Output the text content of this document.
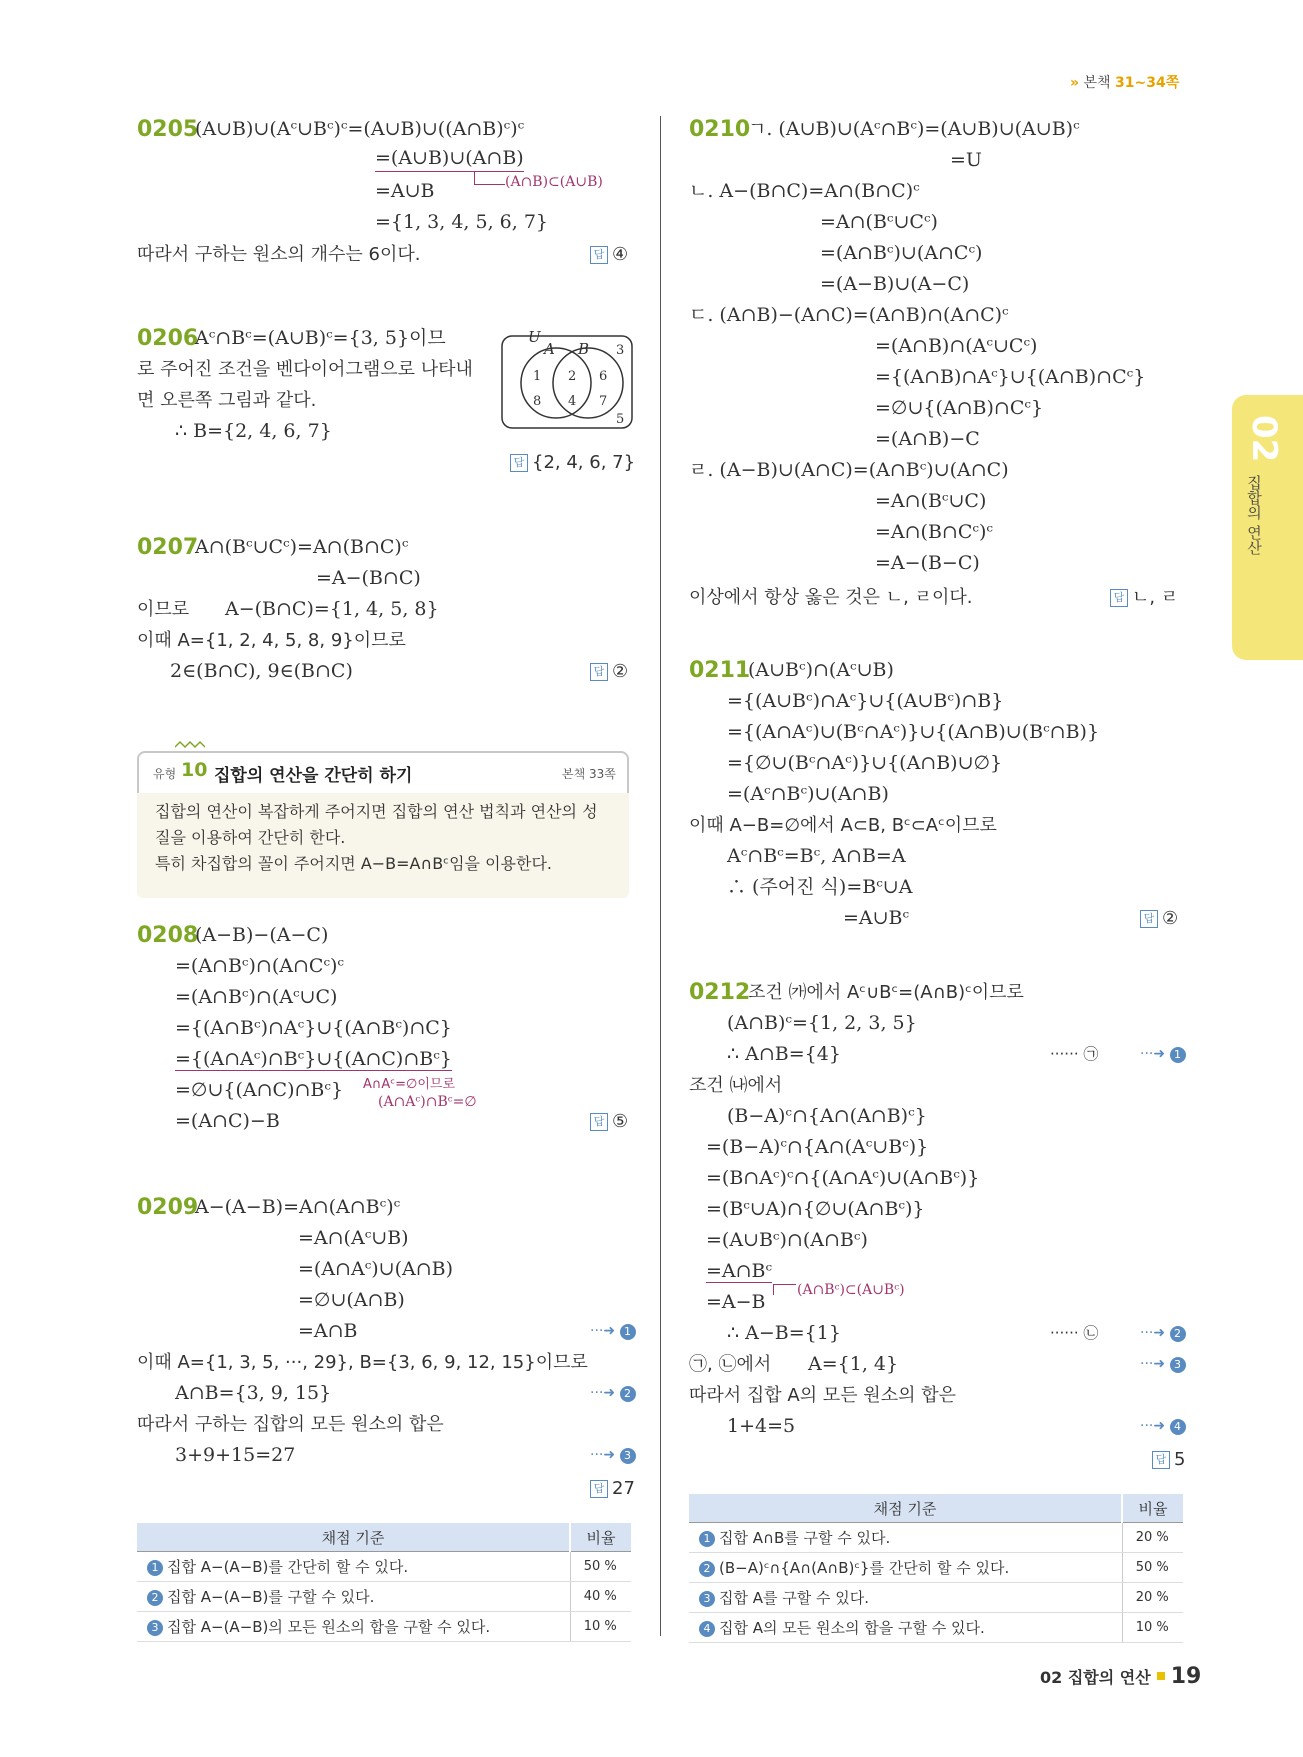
» 본책 31~34쪽
02
집합의 연산
0205
(A∪B)∪(Aᶜ∪Bᶜ)ᶜ=(A∪B)∪((A∩B)ᶜ)ᶜ
=(A∪B)∪(A∩B)
=A∪B	(A∩B)⊂(A∪B)
={1, 3, 4, 5, 6, 7}
따라서 구하는 원소의 개수는 6이다.	답 ④
0206
Aᶜ∩Bᶜ=(A∪B)ᶜ={3, 5}이므
로 주어진 조건을 벤다이어그램으로 나타내
면 오른쪽 그림과 같다.
∴ B={2, 4, 6, 7}
U
A B 3
1 2 6
8 4 7
5
답 {2, 4, 6, 7}
0207
A∩(Bᶜ∪Cᶜ)=A∩(B∩C)ᶜ
=A−(B∩C)
이므로 A−(B∩C)={1, 4, 5, 8}
이때 A={1, 2, 4, 5, 8, 9}이므로
2∈(B∩C), 9∈(B∩C)	답 ②
유형 10 집합의 연산을 간단히 하기	본책 33쪽
집합의 연산이 복잡하게 주어지면 집합의 연산 법칙과 연산의 성
질을 이용하여 간단히 한다.
특히 차집합의 꼴이 주어지면 A−B=A∩Bᶜ임을 이용한다.
0208
(A−B)−(A−C)
=(A∩Bᶜ)∩(A∩Cᶜ)ᶜ
=(A∩Bᶜ)∩(Aᶜ∪C)
={(A∩Bᶜ)∩Aᶜ}∪{(A∩Bᶜ)∩C}
={(A∩Aᶜ)∩Bᶜ}∪{(A∩C)∩Bᶜ}
=∅∪{(A∩C)∩Bᶜ} A∩Aᶜ=∅이므로
(A∩Aᶜ)∩Bᶜ=∅
=(A∩C)−B	답 ⑤
0209
A−(A−B)=A∩(A∩Bᶜ)ᶜ
=A∩(Aᶜ∪B)
=(A∩Aᶜ)∪(A∩B)
=∅∪(A∩B)
=A∩B	···➜ 1
이때 A={1, 3, 5, ···, 29}, B={3, 6, 9, 12, 15}이므로
A∩B={3, 9, 15}	···➜ 2
따라서 구하는 집합의 모든 원소의 합은
3+9+15=27	···➜ 3
답 27
채점 기준	비율
1 집합 A−(A−B)를 간단히 할 수 있다.	50 %
2 집합 A−(A−B)를 구할 수 있다.	40 %
3 집합 A−(A−B)의 모든 원소의 합을 구할 수 있다.	10 %
0210
ㄱ. (A∪B)∪(Aᶜ∩Bᶜ)=(A∪B)∪(A∪B)ᶜ
=U
ㄴ. A−(B∩C)=A∩(B∩C)ᶜ
=A∩(Bᶜ∪Cᶜ)
=(A∩Bᶜ)∪(A∩Cᶜ)
=(A−B)∪(A−C)
ㄷ. (A∩B)−(A∩C)=(A∩B)∩(A∩C)ᶜ
=(A∩B)∩(Aᶜ∪Cᶜ)
={(A∩B)∩Aᶜ}∪{(A∩B)∩Cᶜ}
=∅∪{(A∩B)∩Cᶜ}
=(A∩B)−C
ㄹ. (A−B)∪(A∩C)=(A∩Bᶜ)∪(A∩C)
=A∩(Bᶜ∪C)
=A∩(B∩Cᶜ)ᶜ
=A−(B−C)
이상에서 항상 옳은 것은 ㄴ, ㄹ이다.	답 ㄴ, ㄹ
0211
(A∪Bᶜ)∩(Aᶜ∪B)
={(A∪Bᶜ)∩Aᶜ}∪{(A∪Bᶜ)∩B}
={(A∩Aᶜ)∪(Bᶜ∩Aᶜ)}∪{(A∩B)∪(Bᶜ∩B)}
={∅∪(Bᶜ∩Aᶜ)}∪{(A∩B)∪∅}
=(Aᶜ∩Bᶜ)∪(A∩B)
이때 A−B=∅에서 A⊂B, Bᶜ⊂Aᶜ이므로
Aᶜ∩Bᶜ=Bᶜ, A∩B=A
∴ (주어진 식)=Bᶜ∪A
=A∪Bᶜ	답 ②
0212
조건 ㈎에서 Aᶜ∪Bᶜ=(A∩B)ᶜ이므로
(A∩B)ᶜ={1, 2, 3, 5}
∴ A∩B={4}	······ ㉠	···➜ 1
조건 ㈏에서
(B−A)ᶜ∩{A∩(A∩B)ᶜ}
=(B−A)ᶜ∩{A∩(Aᶜ∪Bᶜ)}
=(B∩Aᶜ)ᶜ∩{(A∩Aᶜ)∪(A∩Bᶜ)}
=(Bᶜ∪A)∩{∅∪(A∩Bᶜ)}
=(A∪Bᶜ)∩(A∩Bᶜ)
=A∩Bᶜ
(A∩Bᶜ)⊂(A∪Bᶜ)
=A−B
∴ A−B={1}	······ ㉡	···➜ 2
㉠, ㉡에서 A={1, 4}	···➜ 3
따라서 집합 A의 모든 원소의 합은
1+4=5	···➜ 4
답 5
채점 기준	비율
1 집합 A∩B를 구할 수 있다.	20 %
2 (B−A)ᶜ∩{A∩(A∩B)ᶜ}를 간단히 할 수 있다.	50 %
3 집합 A를 구할 수 있다.	20 %
4 집합 A의 모든 원소의 합을 구할 수 있다.	10 %
02 집합의 연산 19
